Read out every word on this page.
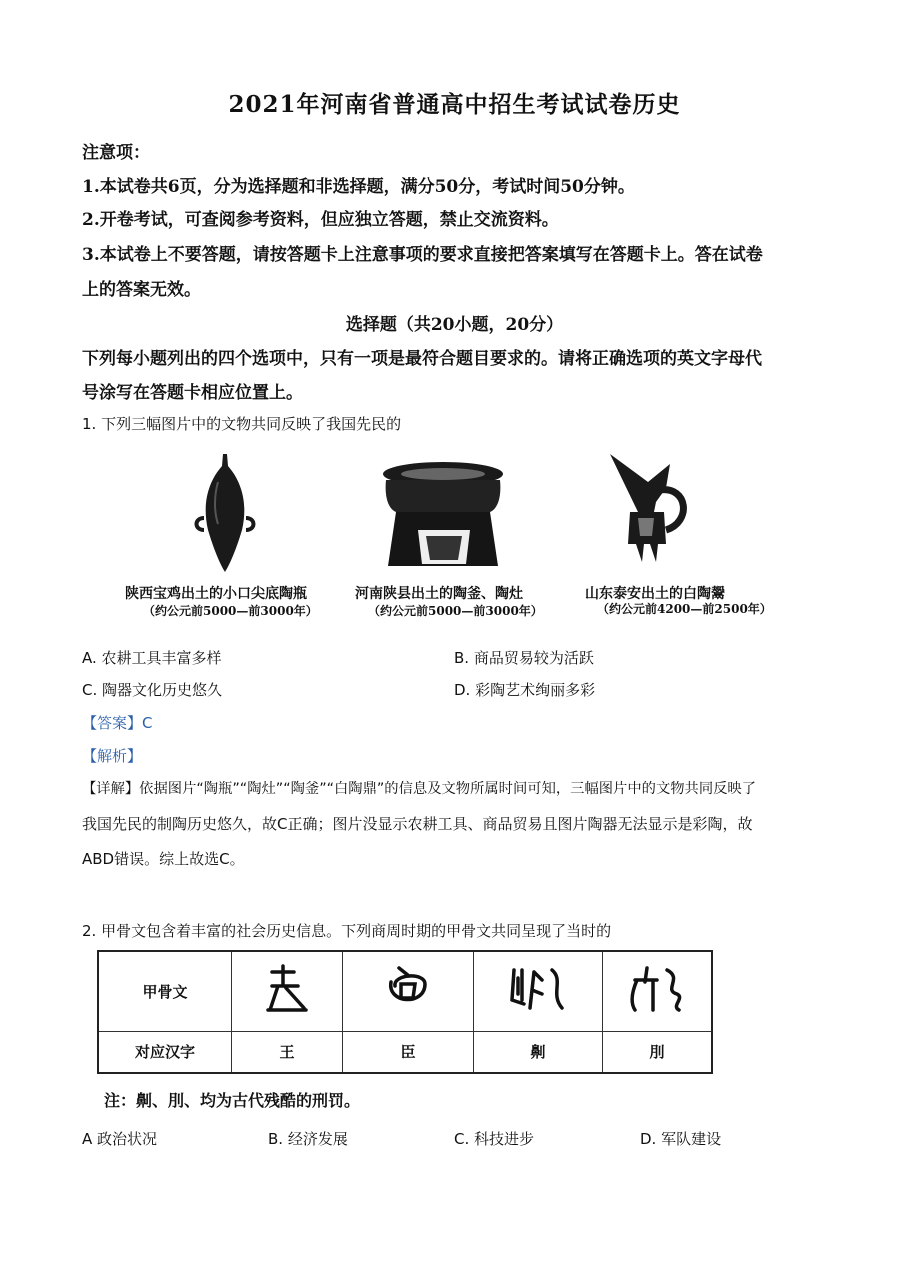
2021年河南省普通高中招生考试试卷历史
注意项：
1.本试卷共6页，分为选择题和非选择题，满分50分，考试时间50分钟。
2.开卷考试，可查阅参考资料，但应独立答题，禁止交流资料。
3.本试卷上不要答题，请按答题卡上注意事项的要求直接把答案填写在答题卡上。答在试卷
上的答案无效。
选择题（共20小题，20分）
下列每小题列出的四个选项中，只有一项是最符合题目要求的。请将正确选项的英文字母代
号涂写在答题卡相应位置上。
1. 下列三幅图片中的文物共同反映了我国先民的
陕西宝鸡出土的小口尖底陶瓶
（约公元前5000—前3000年）
河南陕县出土的陶釜、陶灶
（约公元前5000—前3000年）
山东泰安出土的白陶鬶
（约公元前4200—前2500年）
A. 农耕工具丰富多样	B. 商品贸易较为活跃
C. 陶器文化历史悠久	D. 彩陶艺术绚丽多彩
【答案】C
【解析】
【详解】依据图片“陶瓶”“陶灶”“陶釜”“白陶鼎”的信息及文物所属时间可知，三幅图片中的文物共同反映了
我国先民的制陶历史悠久，故C正确；图片没显示农耕工具、商品贸易且图片陶器无法显示是彩陶，故
ABD错误。综上故选C。
2. 甲骨文包含着丰富的社会历史信息。下列商周时期的甲骨文共同呈现了当时的
甲骨文				
对应汉字	王	臣	劓	刖
注：劓、刖、均为古代残酷的刑罚。
A 政治状况	B. 经济发展	C. 科技进步	D. 军队建设
